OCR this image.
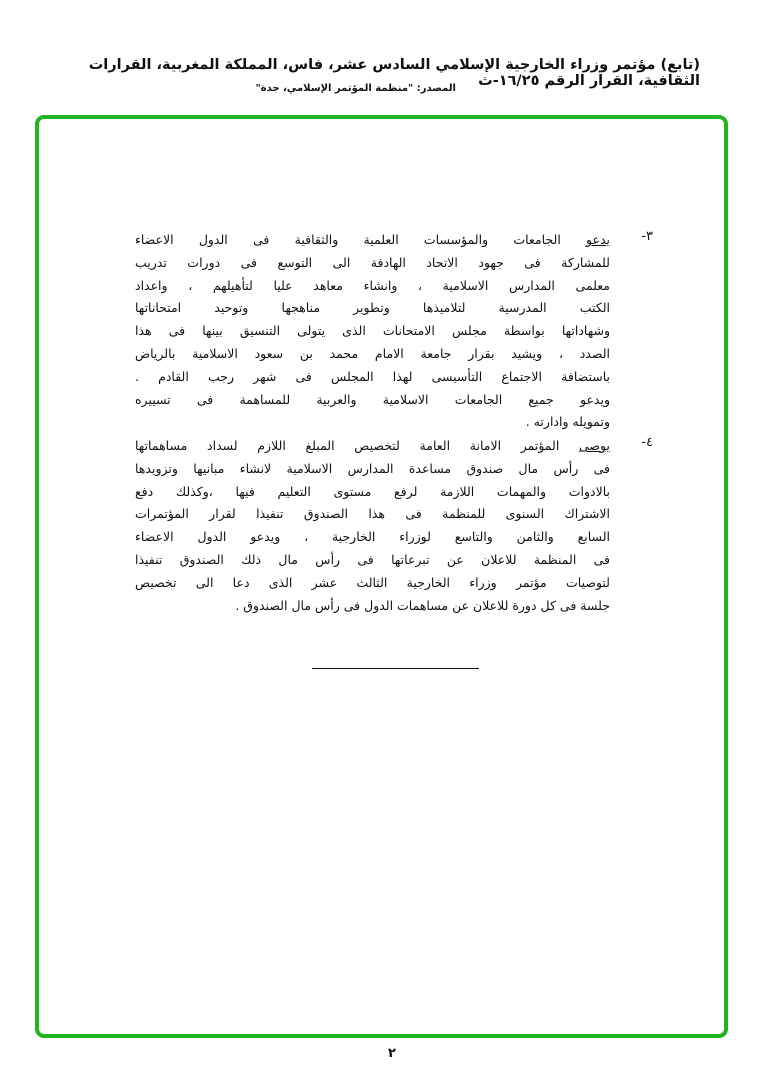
(تابع) مؤتمر وزراء الخارجية الإسلامي السادس عشر، فاس، المملكة المغربية، القرارات الثقافية، القرار الرقم ١٦/٢٥-ث
المصدر: "منظمة المؤتمر الإسلامي، جدة"
٣-
يدعو الجامعات والمؤسسات العلمية والثقافية فى الدول الاعضاء
للمشاركة فى جهود الاتحاد الهادفة الى التوسع فى دورات تدريب
معلمى المدارس الاسلامية ، وانشاء معاهد عليا لتأهيلهم ، واعداد
الكتب المدرسية لتلاميذها وتطوير مناهجها وتوحيد امتحاناتها
وشهاداتها بواسطة مجلس الامتحانات الذى يتولى التنسيق بينها فى هذا
الصدد ، ويشيد بقرار جامعة الامام محمد بن سعود الاسلامية بالرياض
باستضافة الاجتماع التأسيسى لهذا المجلس فى شهر رجب القادم .
ويدعو جميع الجامعات الاسلامية والعربية للمساهمة فى تسييره
وتمويله وادارته .
٤-
يوصى المؤتمر الامانة العامة لتخصيص المبلغ اللازم لسداد مساهماتها
فى رأس مال صندوق مساعدة المدارس الاسلامية لانشاء مبانيها وتزويدها
بالادوات والمهمات اللازمة لرفع مستوى التعليم فيها ،وكذلك دفع
الاشتراك السنوى للمنظمة فى هذا الصندوق تنفيذا لقرار المؤتمرات
السابع والثامن والتاسع لوزراء الخارجية ، ويدعو الدول الاعضاء
فى المنظمة للاعلان عن تبرعاتها فى رأس مال ذلك الصندوق تنفيذا
لتوصيات مؤتمر وزراء الخارجية الثالث عشر الذى دعا الى تخصيص
جلسة فى كل دورة للاعلان عن مساهمات الدول فى رأس مال الصندوق .
٢
